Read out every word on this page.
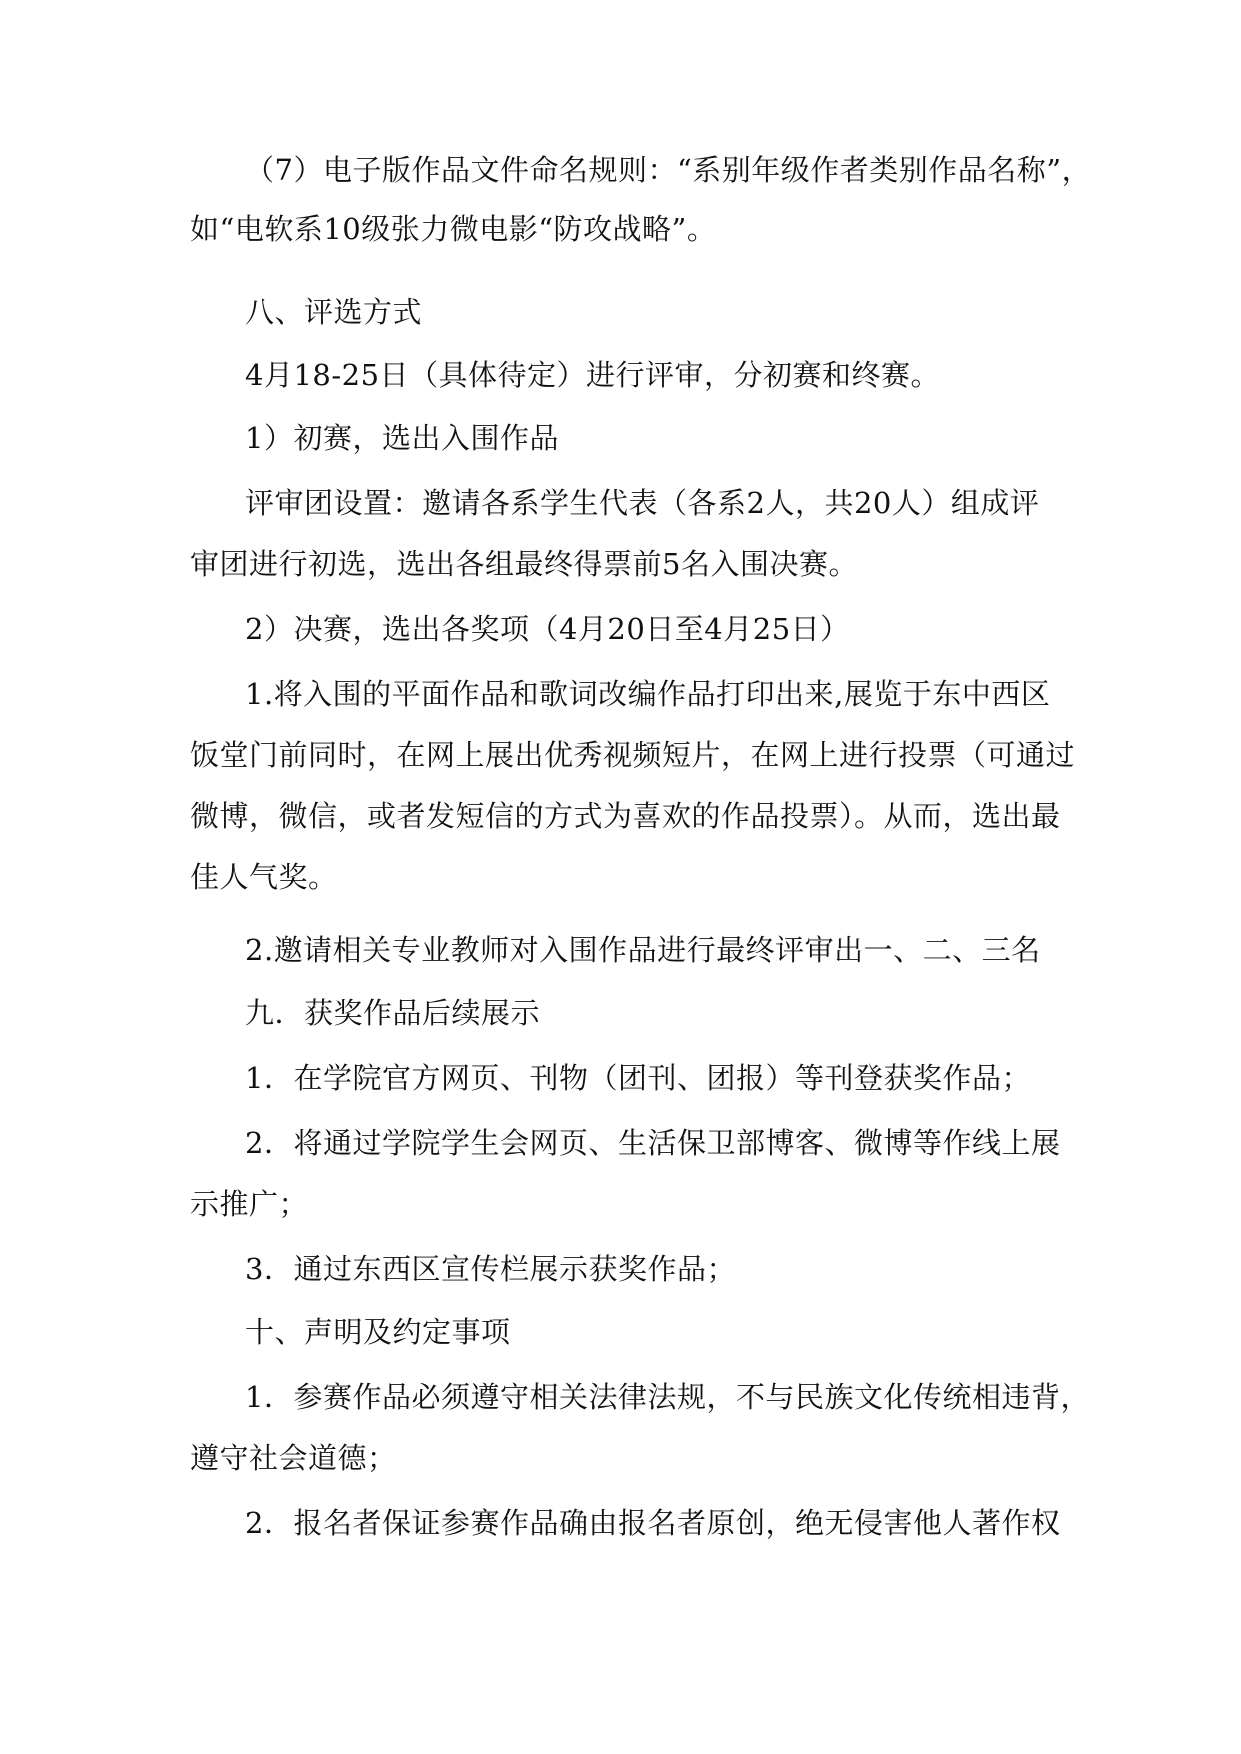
（7）电子版作品文件命名规则：“系别年级作者类别作品名称”，
如“电软系10级张力微电影“防攻战略”。
八、评选方式
4月18-25日（具体待定）进行评审，分初赛和终赛。
1）初赛，选出入围作品
评审团设置：邀请各系学生代表（各系2人，共20人）组成评
审团进行初选，选出各组最终得票前5名入围决赛。
2）决赛，选出各奖项（4月20日至4月25日）
1.将入围的平面作品和歌词改编作品打印出来,展览于东中西区
饭堂门前同时，在网上展出优秀视频短片，在网上进行投票（可通过
微博，微信，或者发短信的方式为喜欢的作品投票）。从而，选出最
佳人气奖。
2.邀请相关专业教师对入围作品进行最终评审出一、二、三名
九．获奖作品后续展示
1．在学院官方网页、刊物（团刊、团报）等刊登获奖作品；
2．将通过学院学生会网页、生活保卫部博客、微博等作线上展
示推广；
3．通过东西区宣传栏展示获奖作品；
十、声明及约定事项
1．参赛作品必须遵守相关法律法规，不与民族文化传统相违背，
遵守社会道德；
2．报名者保证参赛作品确由报名者原创，绝无侵害他人著作权
